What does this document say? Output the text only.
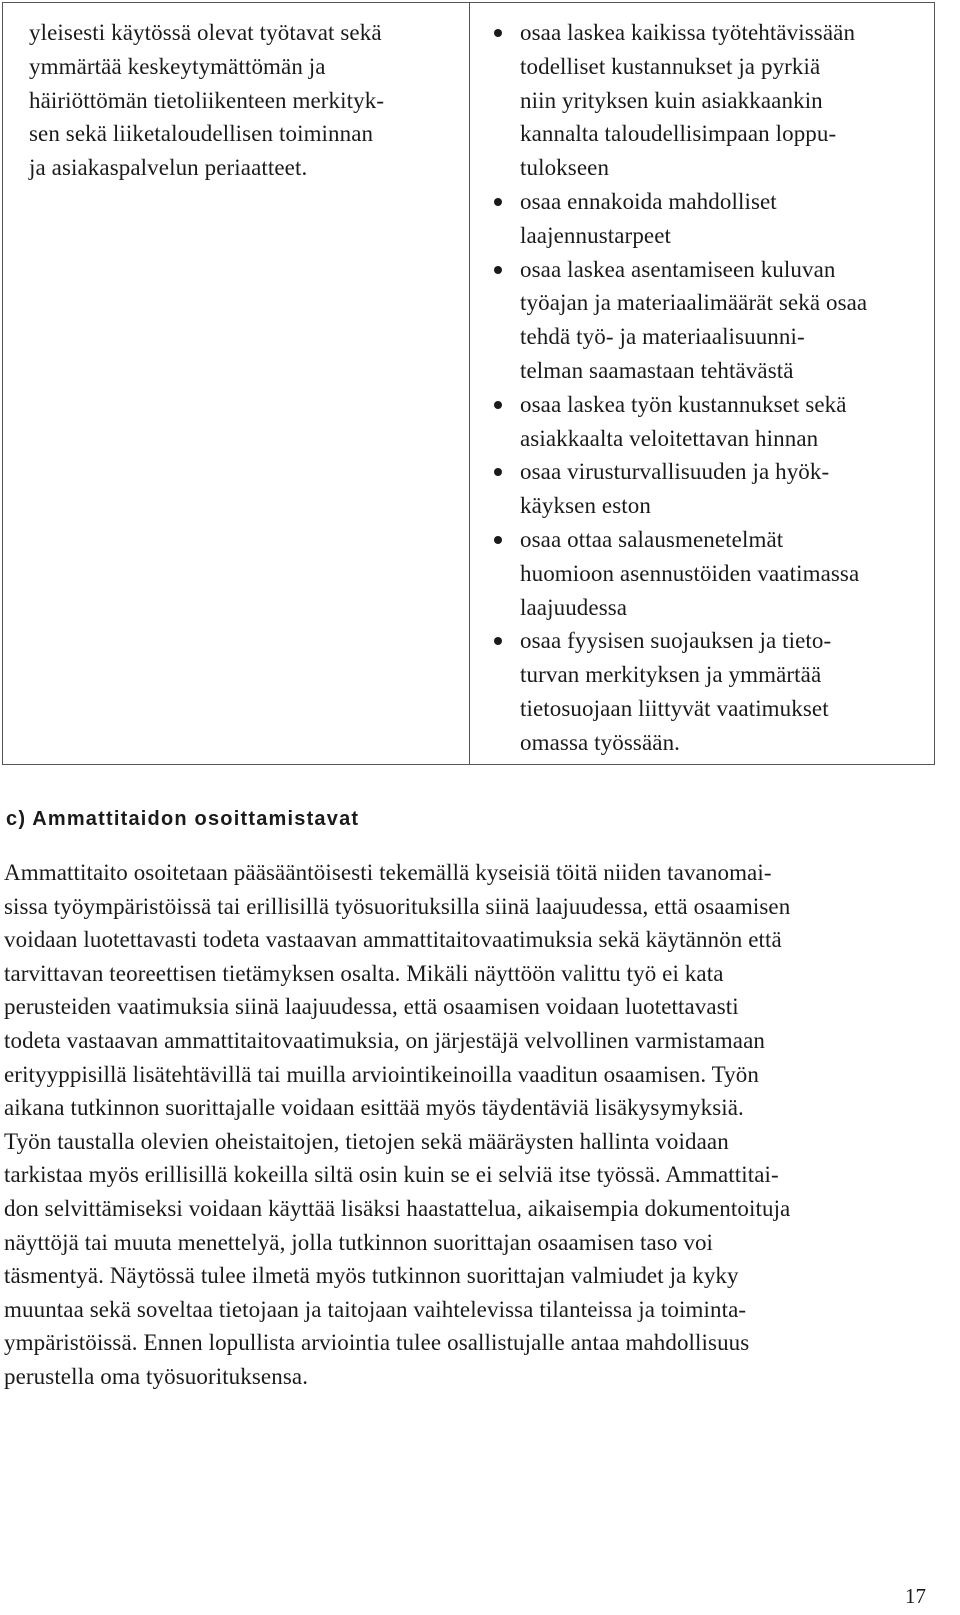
yleisesti käytössä olevat työtavat sekä
ymmärtää keskeytymättömän ja
häiriöttömän tietoliikenteen merkityk-
sen sekä liiketaloudellisen toiminnan
ja asiakaspalvelun periaatteet.
osaa laskea kaikissa työtehtävissään
todelliset kustannukset ja pyrkiä
niin yrityksen kuin asiakkaankin
kannalta taloudellisimpaan loppu-
tulokseen
osaa ennakoida mahdolliset
laajennustarpeet
osaa laskea asentamiseen kuluvan
työajan ja materiaalimäärät sekä osaa
tehdä työ- ja materiaalisuunni-
telman saamastaan tehtävästä
osaa laskea työn kustannukset sekä
asiakkaalta veloitettavan hinnan
osaa virusturvallisuuden ja hyök-
käyksen eston
osaa ottaa salausmenetelmät
huomioon asennustöiden vaatimassa
laajuudessa
osaa fyysisen suojauksen ja tieto-
turvan merkityksen ja ymmärtää
tietosuojaan liittyvät vaatimukset
omassa työssään.
c) Ammattitaidon osoittamistavat
Ammattitaito osoitetaan pääsääntöisesti tekemällä kyseisiä töitä niiden tavanomai-
sissa työympäristöissä tai erillisillä työsuorituksilla siinä laajuudessa, että osaamisen
voidaan luotettavasti todeta vastaavan ammattitaitovaatimuksia sekä käytännön että
tarvittavan teoreettisen tietämyksen osalta. Mikäli näyttöön valittu työ ei kata
perusteiden vaatimuksia siinä laajuudessa, että osaamisen voidaan luotettavasti
todeta vastaavan ammattitaitovaatimuksia, on järjestäjä velvollinen varmistamaan
erityyppisillä lisätehtävillä tai muilla arviointikeinoilla vaaditun osaamisen. Työn
aikana tutkinnon suorittajalle voidaan esittää myös täydentäviä lisäkysymyksiä.
Työn taustalla olevien oheistaitojen, tietojen sekä määräysten hallinta voidaan
tarkistaa myös erillisillä kokeilla siltä osin kuin se ei selviä itse työssä. Ammattitai-
don selvittämiseksi voidaan käyttää lisäksi haastattelua, aikaisempia dokumentoituja
näyttöjä tai muuta menettelyä, jolla tutkinnon suorittajan osaamisen taso voi
täsmentyä. Näytössä tulee ilmetä myös tutkinnon suorittajan valmiudet ja kyky
muuntaa sekä soveltaa tietojaan ja taitojaan vaihtelevissa tilanteissa ja toiminta-
ympäristöissä. Ennen lopullista arviointia tulee osallistujalle antaa mahdollisuus
perustella oma työsuorituksensa.
17
